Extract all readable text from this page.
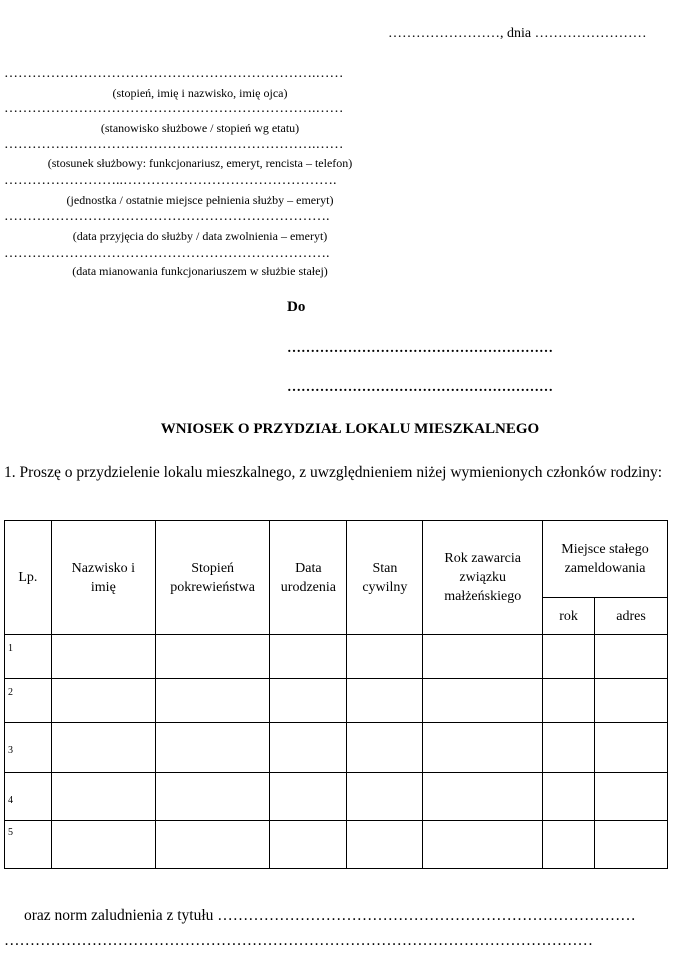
……………………, dnia ……………………
………………………………………………………….……
(stopień, imię i nazwisko, imię ojca)
………………………………………………………….……
(stanowisko służbowe / stopień wg etatu)
………………………………………………………….……
(stosunek służbowy: funkcjonariusz, emeryt, rencista – telefon)
……………………..……………………………………….
(jednostka / ostatnie miejsce pełnienia służby – emeryt)
…………………………………………………………….
(data przyjęcia do służby / data zwolnienia – emeryt)
…………………………………………………………….
(data mianowania funkcjonariuszem w służbie stałej)
Do
…………………………………………………
…………………………………………………
WNIOSEK O PRZYDZIAŁ LOKALU MIESZKALNEGO
1. Proszę o przydzielenie lokalu mieszkalnego, z uwzględnieniem niżej wymienionych członków rodziny:
Lp.	Nazwisko i imię	Stopień pokrewieństwa	Data urodzenia	Stan cywilny	Rok zawarcia związku małżeńskiego	Miejsce stałego zameldowania	

						rok	adres
1							
2							
3							
4							
5							
oraz norm zaludnienia z tytułu ………………………………………………………………………
……………………………………………………………………………………………………
